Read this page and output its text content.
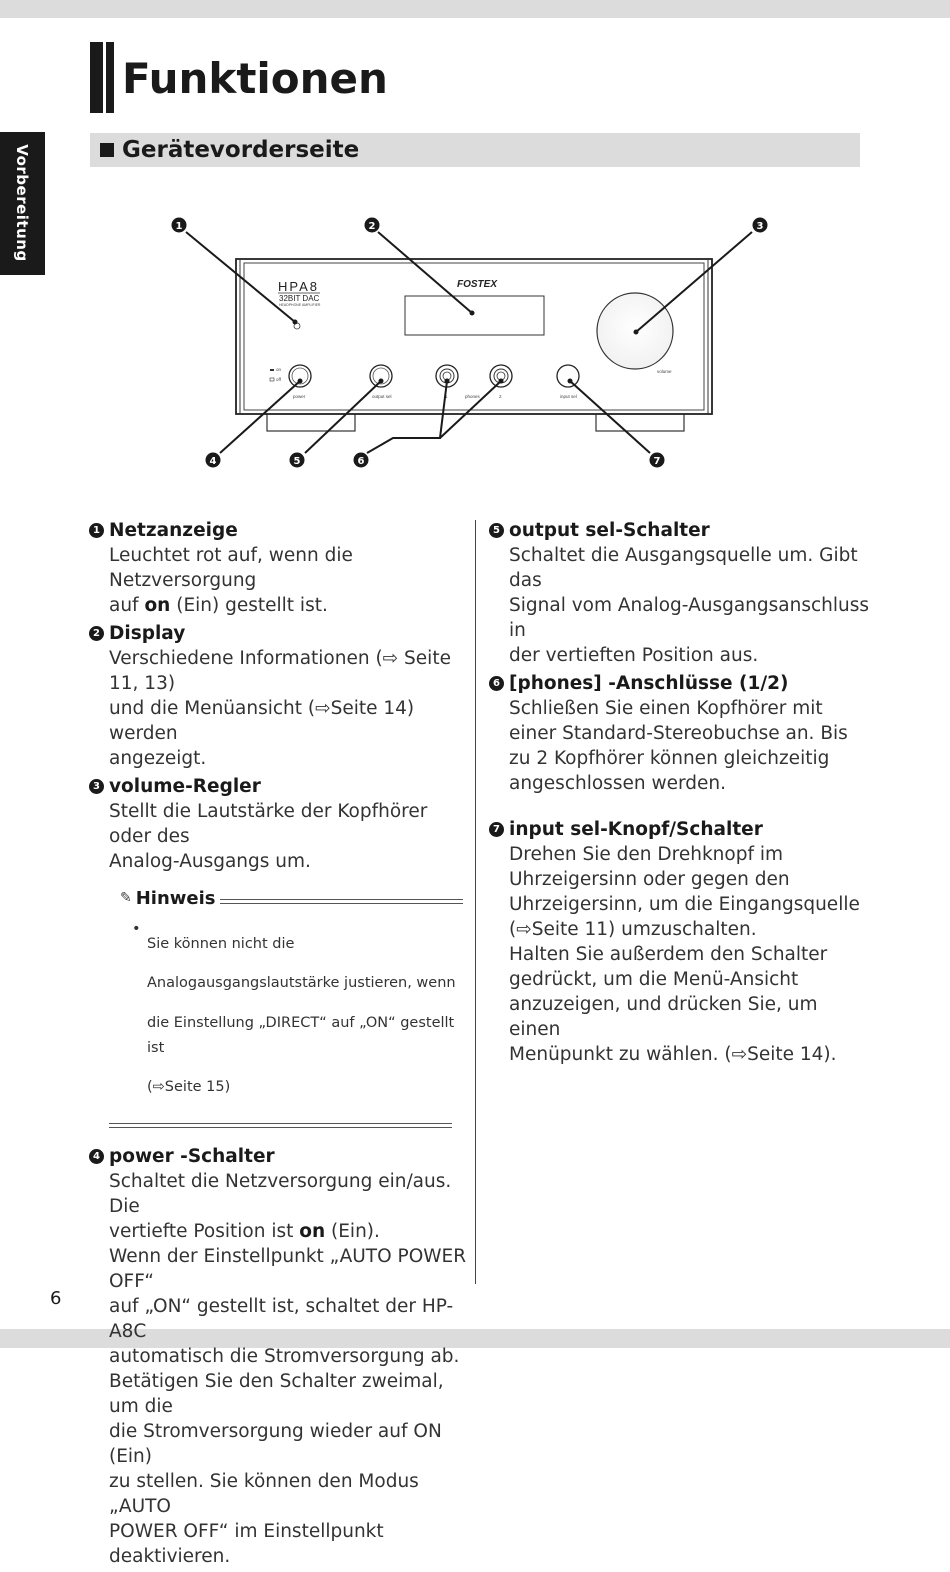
Vorbereitung
Funktionen
Gerätevorderseite
HPA8
32BIT DAC
HEADPHONE AMPLIFIER
FOSTEX
volume
on
off
power	output sel	1	phones	2	input sel
1	2	3
4	5	6	7
1 Netzanzeige

Leuchtet rot auf, wenn die Netzversorgung

auf on (Ein) gestellt ist.

2 Display

Verschiedene Informationen (⇨ Seite 11, 13)

und die Menüansicht (⇨Seite 14) werden

angezeigt.

3 volume-Regler

Stellt die Lautstärke der Kopfhörer oder des

Analog-Ausgangs um.

✎ Hinweis
•

Sie können nicht die

Analogausgangslautstärke justieren, wenn

die Einstellung „DIRECT“ auf „ON“ gestellt ist

(⇨Seite 15)

4 power -Schalter

Schaltet die Netzversorgung ein/aus. Die

vertiefte Position ist on (Ein).

Wenn der Einstellpunkt „AUTO POWER OFF“

auf „ON“ gestellt ist, schaltet der HP-A8C

automatisch die Stromversorgung ab.

Betätigen Sie den Schalter zweimal, um die

die Stromversorgung wieder auf ON (Ein)

zu stellen. Sie können den Modus „AUTO

POWER OFF“ im Einstellpunkt deaktivieren.

5 output sel-Schalter

Schaltet die Ausgangsquelle um. Gibt das

Signal vom Analog-Ausgangsanschluss in

der vertieften Position aus.

6 [phones] -Anschlüsse (1/2)

Schließen Sie einen Kopfhörer mit

einer Standard-Stereobuchse an. Bis

zu 2 Kopfhörer können gleichzeitig

angeschlossen werden.

7 input sel-Knopf/Schalter

Drehen Sie den Drehknopf im

Uhrzeigersinn oder gegen den

Uhrzeigersinn, um die Eingangsquelle

(⇨Seite 11) umzuschalten.

Halten Sie außerdem den Schalter

gedrückt, um die Menü-Ansicht

anzuzeigen, und drücken Sie, um einen

Menüpunkt zu wählen. (⇨Seite 14).

6
